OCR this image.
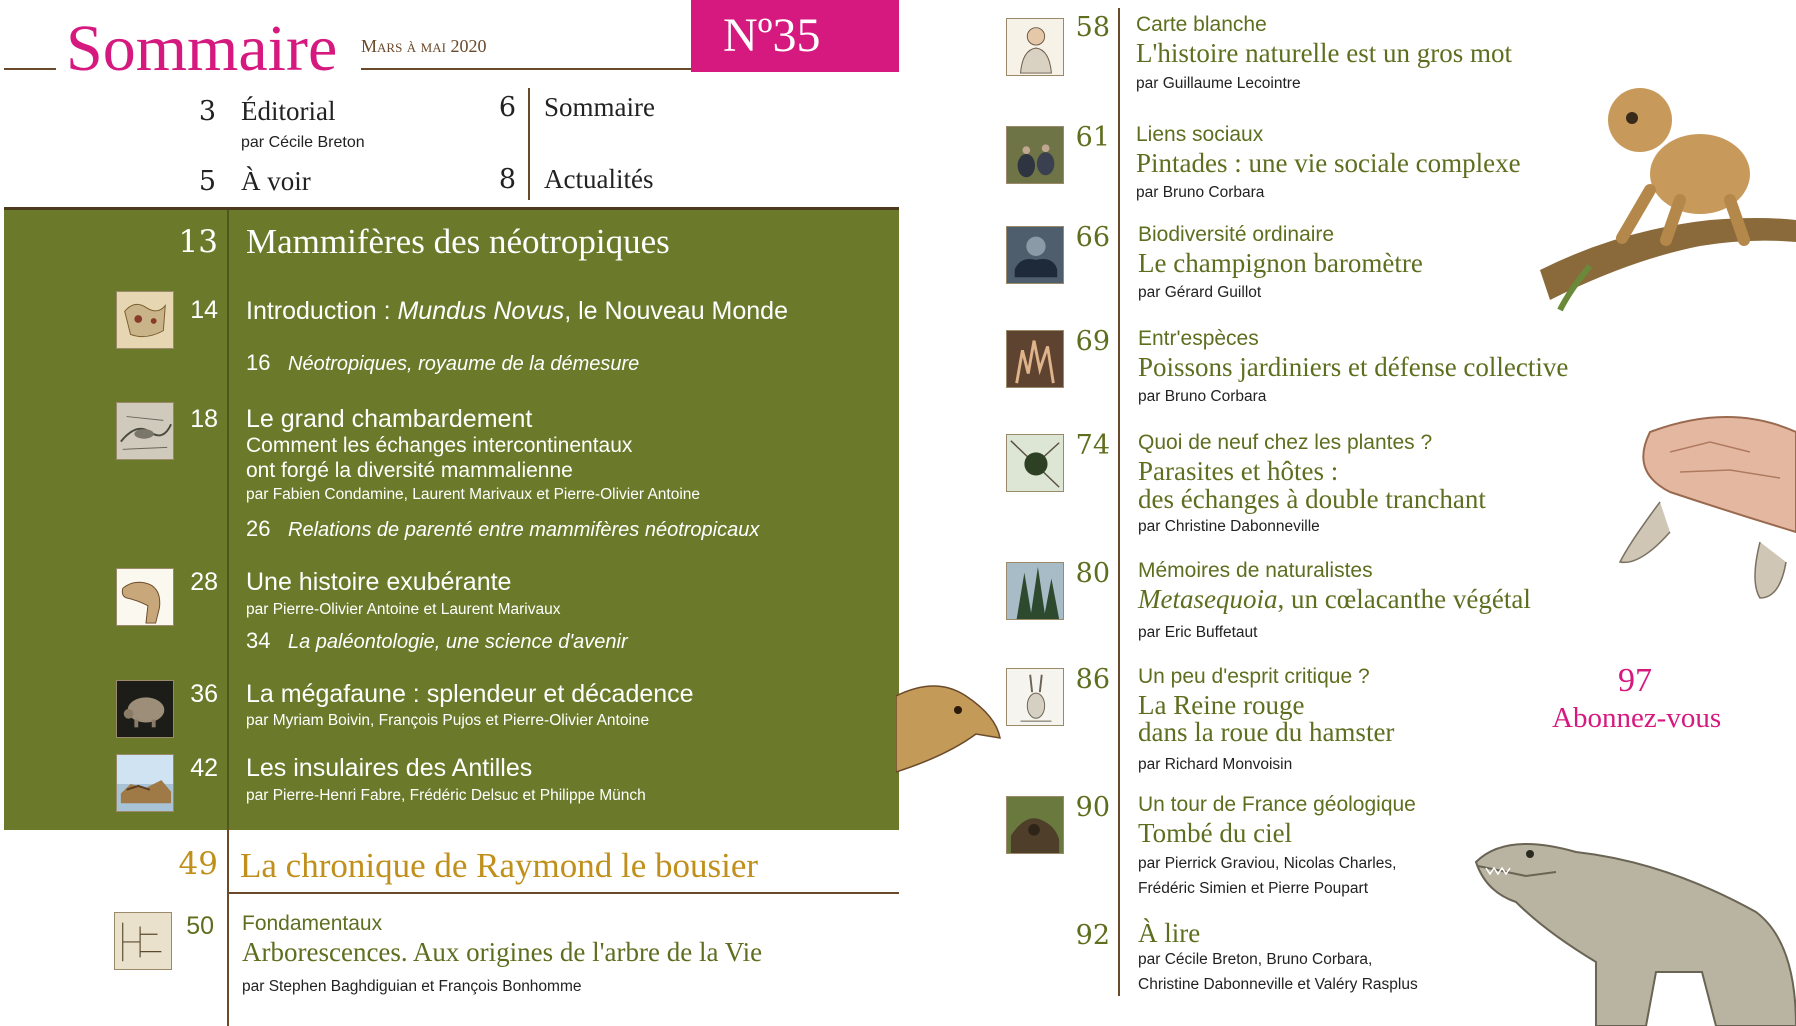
Sommaire Mars à mai 2020	Nº35
3 Éditorial
par Cécile Breton
5 À voir
6 Sommaire
8 Actualités
13 Mammifères des néotropiques
14 Introduction : Mundus Novus, le Nouveau Monde
16 Néotropiques, royaume de la démesure
18 Le grand chambardement
Comment les échanges intercontinentaux
ont forgé la diversité mammalienne
par Fabien Condamine, Laurent Marivaux et Pierre-Olivier Antoine
26 Relations de parenté entre mammifères néotropicaux
28 Une histoire exubérante
par Pierre-Olivier Antoine et Laurent Marivaux
34 La paléontologie, une science d'avenir
36 La mégafaune : splendeur et décadence
par Myriam Boivin, François Pujos et Pierre-Olivier Antoine
42 Les insulaires des Antilles
par Pierre-Henri Fabre, Frédéric Delsuc et Philippe Münch
49 La chronique de Raymond le bousier
50 Fondamentaux
Arborescences. Aux origines de l'arbre de la Vie
par Stephen Baghdiguian et François Bonhomme
58 Carte blanche
L'histoire naturelle est un gros mot
par Guillaume Lecointre
61 Liens sociaux
Pintades : une vie sociale complexe
par Bruno Corbara
66 Biodiversité ordinaire
Le champignon baromètre
par Gérard Guillot
69 Entr'espèces
Poissons jardiniers et défense collective
par Bruno Corbara
74 Quoi de neuf chez les plantes ?
Parasites et hôtes :
des échanges à double tranchant
par Christine Dabonneville
80 Mémoires de naturalistes
Metasequoia, un cœlacanthe végétal
par Eric Buffetaut
86 Un peu d'esprit critique ?
La Reine rouge
dans la roue du hamster
par Richard Monvoisin
97
Abonnez-vous
90 Un tour de France géologique
Tombé du ciel
par Pierrick Graviou, Nicolas Charles,
Frédéric Simien et Pierre Poupart
92 À lire
par Cécile Breton, Bruno Corbara,
Christine Dabonneville et Valéry Rasplus
